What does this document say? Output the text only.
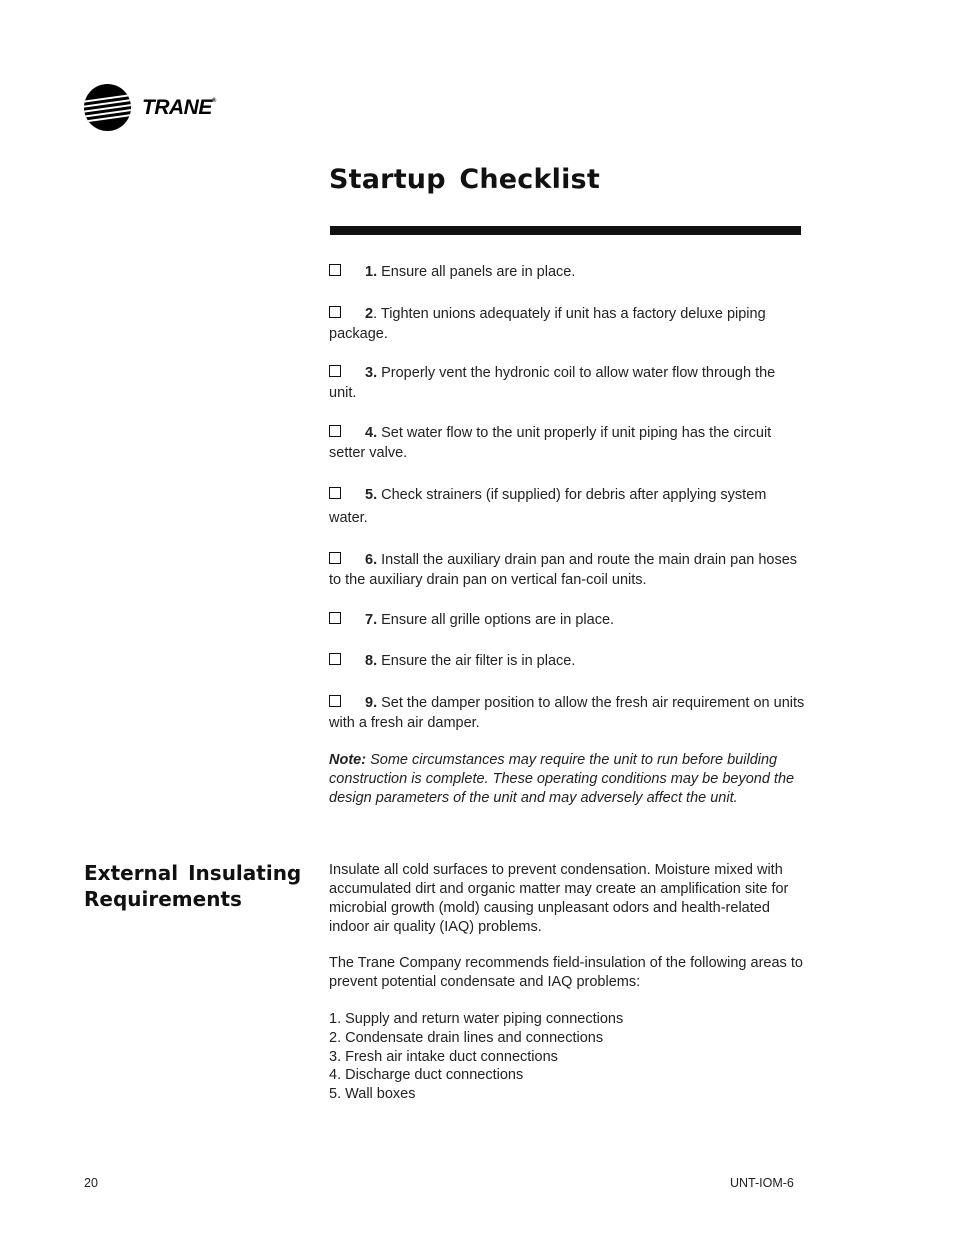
TRANE®
Startup Checklist
1. Ensure all panels are in place.
2. Tighten unions adequately if unit has a factory deluxe piping package.
3. Properly vent the hydronic coil to allow water flow through the unit.
4. Set water flow to the unit properly if unit piping has the circuit setter valve.
5. Check strainers (if supplied) for debris after applying system water.
6. Install the auxiliary drain pan and route the main drain pan hoses to the auxiliary drain pan on vertical fan-coil units.
7. Ensure all grille options are in place.
8. Ensure the air filter is in place.
9. Set the damper position to allow the fresh air requirement on units with a fresh air damper.

Note: Some circumstances may require the unit to run before building construction is complete. These operating conditions may be beyond the design parameters of the unit and may adversely affect the unit.

External Insulating Requirements

Insulate all cold surfaces to prevent condensation. Moisture mixed with accumulated dirt and organic matter may create an amplification site for microbial growth (mold) causing unpleasant odors and health-related indoor air quality (IAQ) problems.

The Trane Company recommends field-insulation of the following areas to prevent potential condensate and IAQ problems:

1. Supply and return water piping connections
2. Condensate drain lines and connections
3. Fresh air intake duct connections
4. Discharge duct connections
5. Wall boxes
20	UNT-IOM-6
